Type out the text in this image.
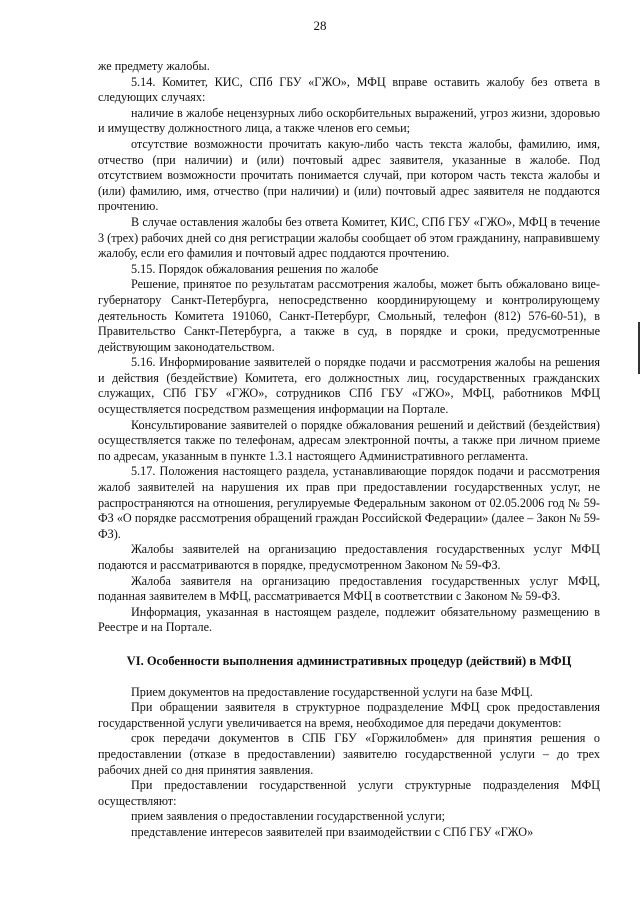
28

же предмету жалобы.

5.14. Комитет, КИС, СПб ГБУ «ГЖО», МФЦ вправе оставить жалобу без ответа в следующих случаях:

наличие в жалобе нецензурных либо оскорбительных выражений, угроз жизни, здоровью и имуществу должностного лица, а также членов его семьи;

отсутствие возможности прочитать какую-либо часть текста жалобы, фамилию, имя, отчество (при наличии) и (или) почтовый адрес заявителя, указанные в жалобе. Под отсутствием возможности прочитать понимается случай, при котором часть текста жалобы и (или) фамилию, имя, отчество (при наличии) и (или) почтовый адрес заявителя не поддаются прочтению.

В случае оставления жалобы без ответа Комитет, КИС, СПб ГБУ «ГЖО», МФЦ в течение 3 (трех) рабочих дней со дня регистрации жалобы сообщает об этом гражданину, направившему жалобу, если его фамилия и почтовый адрес поддаются прочтению.

5.15. Порядок обжалования решения по жалобе

Решение, принятое по результатам рассмотрения жалобы, может быть обжаловано вице-губернатору Санкт-Петербурга, непосредственно координирующему и контролирующему деятельность Комитета 191060, Санкт-Петербург, Смольный, телефон (812) 576-60-51), в Правительство Санкт-Петербурга, а также в суд, в порядке и сроки, предусмотренные действующим законодательством.

5.16. Информирование заявителей о порядке подачи и рассмотрения жалобы на решения и действия (бездействие) Комитета, его должностных лиц, государственных гражданских служащих, СПб ГБУ «ГЖО», сотрудников СПб ГБУ «ГЖО», МФЦ, работников МФЦ осуществляется посредством размещения информации на Портале.

Консультирование заявителей о порядке обжалования решений и действий (бездействия) осуществляется также по телефонам, адресам электронной почты, а также при личном приеме по адресам, указанным в пункте 1.3.1 настоящего Административного регламента.

5.17. Положения настоящего раздела, устанавливающие порядок подачи и рассмотрения жалоб заявителей на нарушения их прав при предоставлении государственных услуг, не распространяются на отношения, регулируемые Федеральным законом от 02.05.2006 год № 59-ФЗ «О порядке рассмотрения обращений граждан Российской Федерации» (далее – Закон № 59-ФЗ).

Жалобы заявителей на организацию предоставления государственных услуг МФЦ подаются и рассматриваются в порядке, предусмотренном Законом № 59-ФЗ.

Жалоба заявителя на организацию предоставления государственных услуг МФЦ, поданная заявителем в МФЦ, рассматривается МФЦ в соответствии с Законом № 59-ФЗ.

Информация, указанная в настоящем разделе, подлежит обязательному размещению в Реестре и на Портале.

VI. Особенности выполнения административных процедур (действий) в МФЦ

Прием документов на предоставление государственной услуги на базе МФЦ.

При обращении заявителя в структурное подразделение МФЦ срок предоставления государственной услуги увеличивается на время, необходимое для передачи документов:

срок передачи документов в СПБ ГБУ «Горжилобмен» для принятия решения о предоставлении (отказе в предоставлении) заявителю государственной услуги – до трех рабочих дней со дня принятия заявления.

При предоставлении государственной услуги структурные подразделения МФЦ осуществляют:

прием заявления о предоставлении государственной услуги;

представление интересов заявителей при взаимодействии с СПб ГБУ «ГЖО»
